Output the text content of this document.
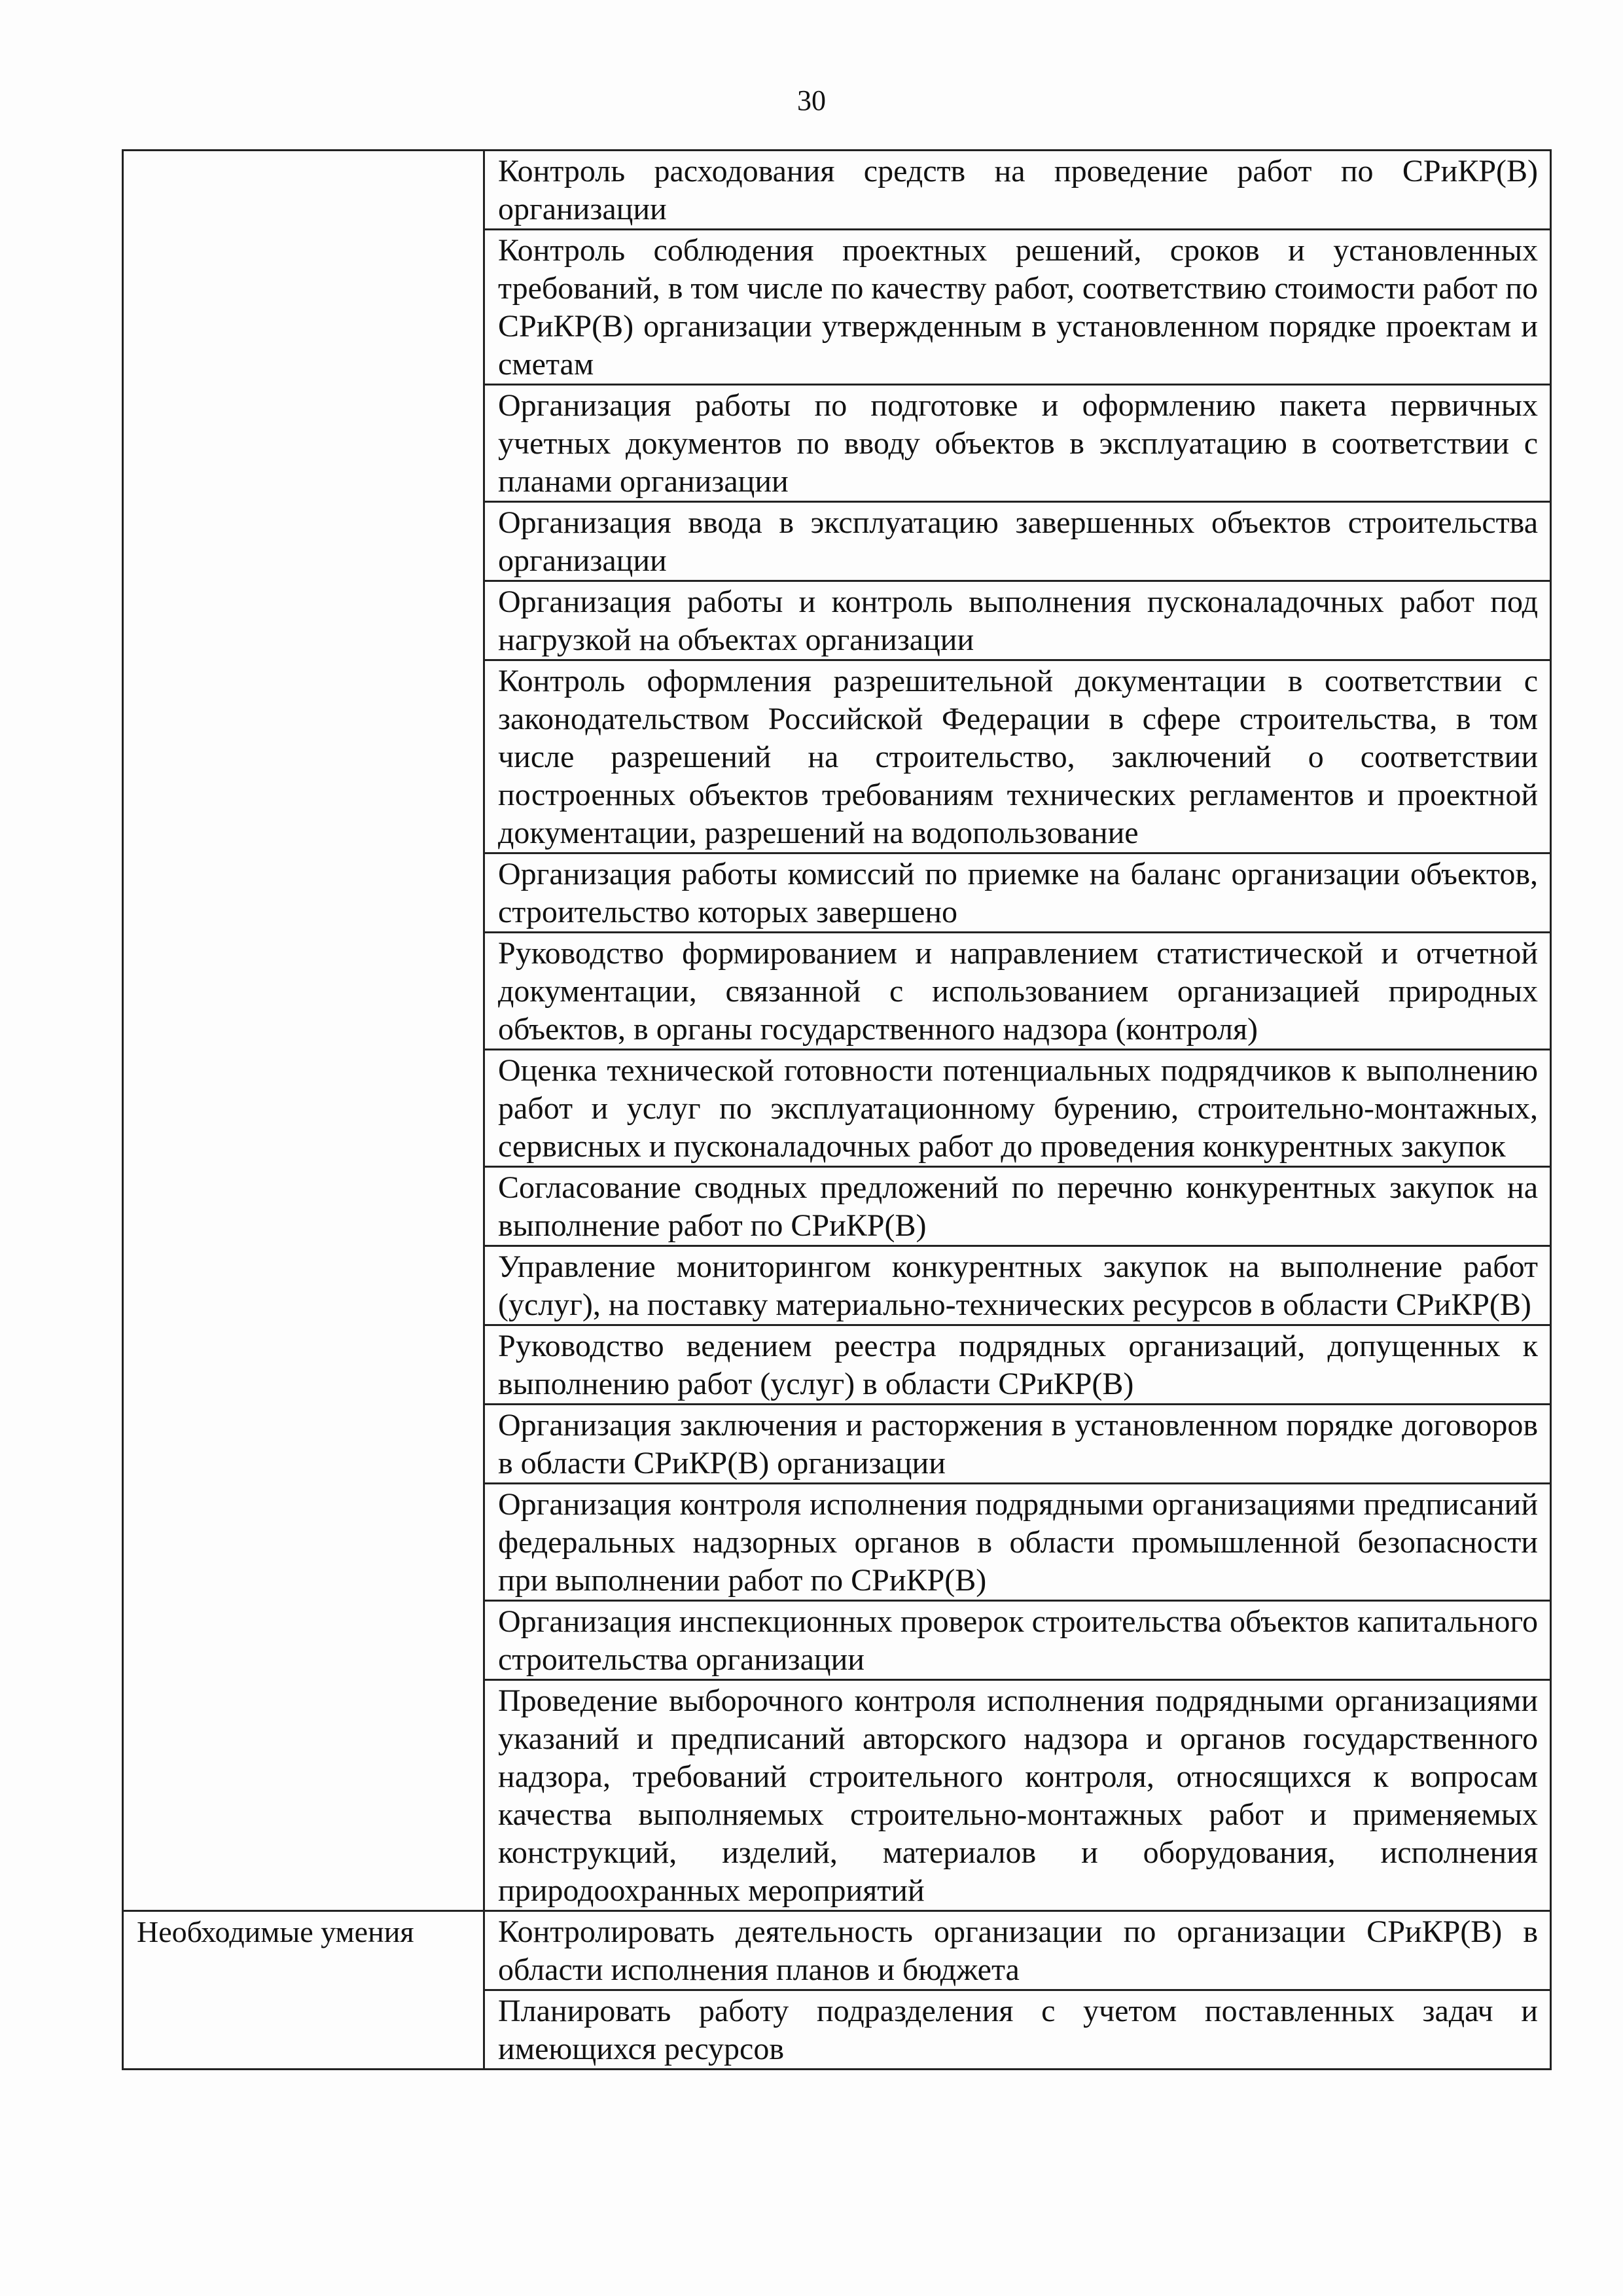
30
	Контроль расходования средств на проведение работ по СРиКР(В) организации
	Контроль соблюдения проектных решений, сроков и установленных требований, в том числе по качеству работ, соответствию стоимости работ по СРиКР(В) организации утвержденным в установленном порядке проектам и сметам
	Организация работы по подготовке и оформлению пакета первичных учетных документов по вводу объектов в эксплуатацию в соответствии с планами организации
	Организация ввода в эксплуатацию завершенных объектов строительства организации
	Организация работы и контроль выполнения пусконаладочных работ под нагрузкой на объектах организации
	Контроль оформления разрешительной документации в соответствии с законодательством Российской Федерации в сфере строительства, в том числе разрешений на строительство, заключений о соответствии построенных объектов требованиям технических регламентов и проектной документации, разрешений на водопользование
	Организация работы комиссий по приемке на баланс организации объектов, строительство которых завершено
	Руководство формированием и направлением статистической и отчетной документации, связанной с использованием организацией природных объектов, в органы государственного надзора (контроля)
	Оценка технической готовности потенциальных подрядчиков к выполнению работ и услуг по эксплуатационному бурению, строительно-монтажных, сервисных и пусконаладочных работ до проведения конкурентных закупок
	Согласование сводных предложений по перечню конкурентных закупок на выполнение работ по СРиКР(В)
	Управление мониторингом конкурентных закупок на выполнение работ (услуг), на поставку материально-технических ресурсов в области СРиКР(В)
	Руководство ведением реестра подрядных организаций, допущенных к выполнению работ (услуг) в области СРиКР(В)
	Организация заключения и расторжения в установленном порядке договоров в области СРиКР(В) организации
	Организация контроля исполнения подрядными организациями предписаний федеральных надзорных органов в области промышленной безопасности при выполнении работ по СРиКР(В)
	Организация инспекционных проверок строительства объектов капитального строительства организации
	Проведение выборочного контроля исполнения подрядными организациями указаний и предписаний авторского надзора и органов государственного надзора, требований строительного контроля, относящихся к вопросам качества выполняемых строительно-монтажных работ и применяемых конструкций, изделий, материалов и оборудования, исполнения природоохранных мероприятий
Необходимые умения	Контролировать деятельность организации по организации СРиКР(В) в области исполнения планов и бюджета
	Планировать работу подразделения с учетом поставленных задач и имеющихся ресурсов
